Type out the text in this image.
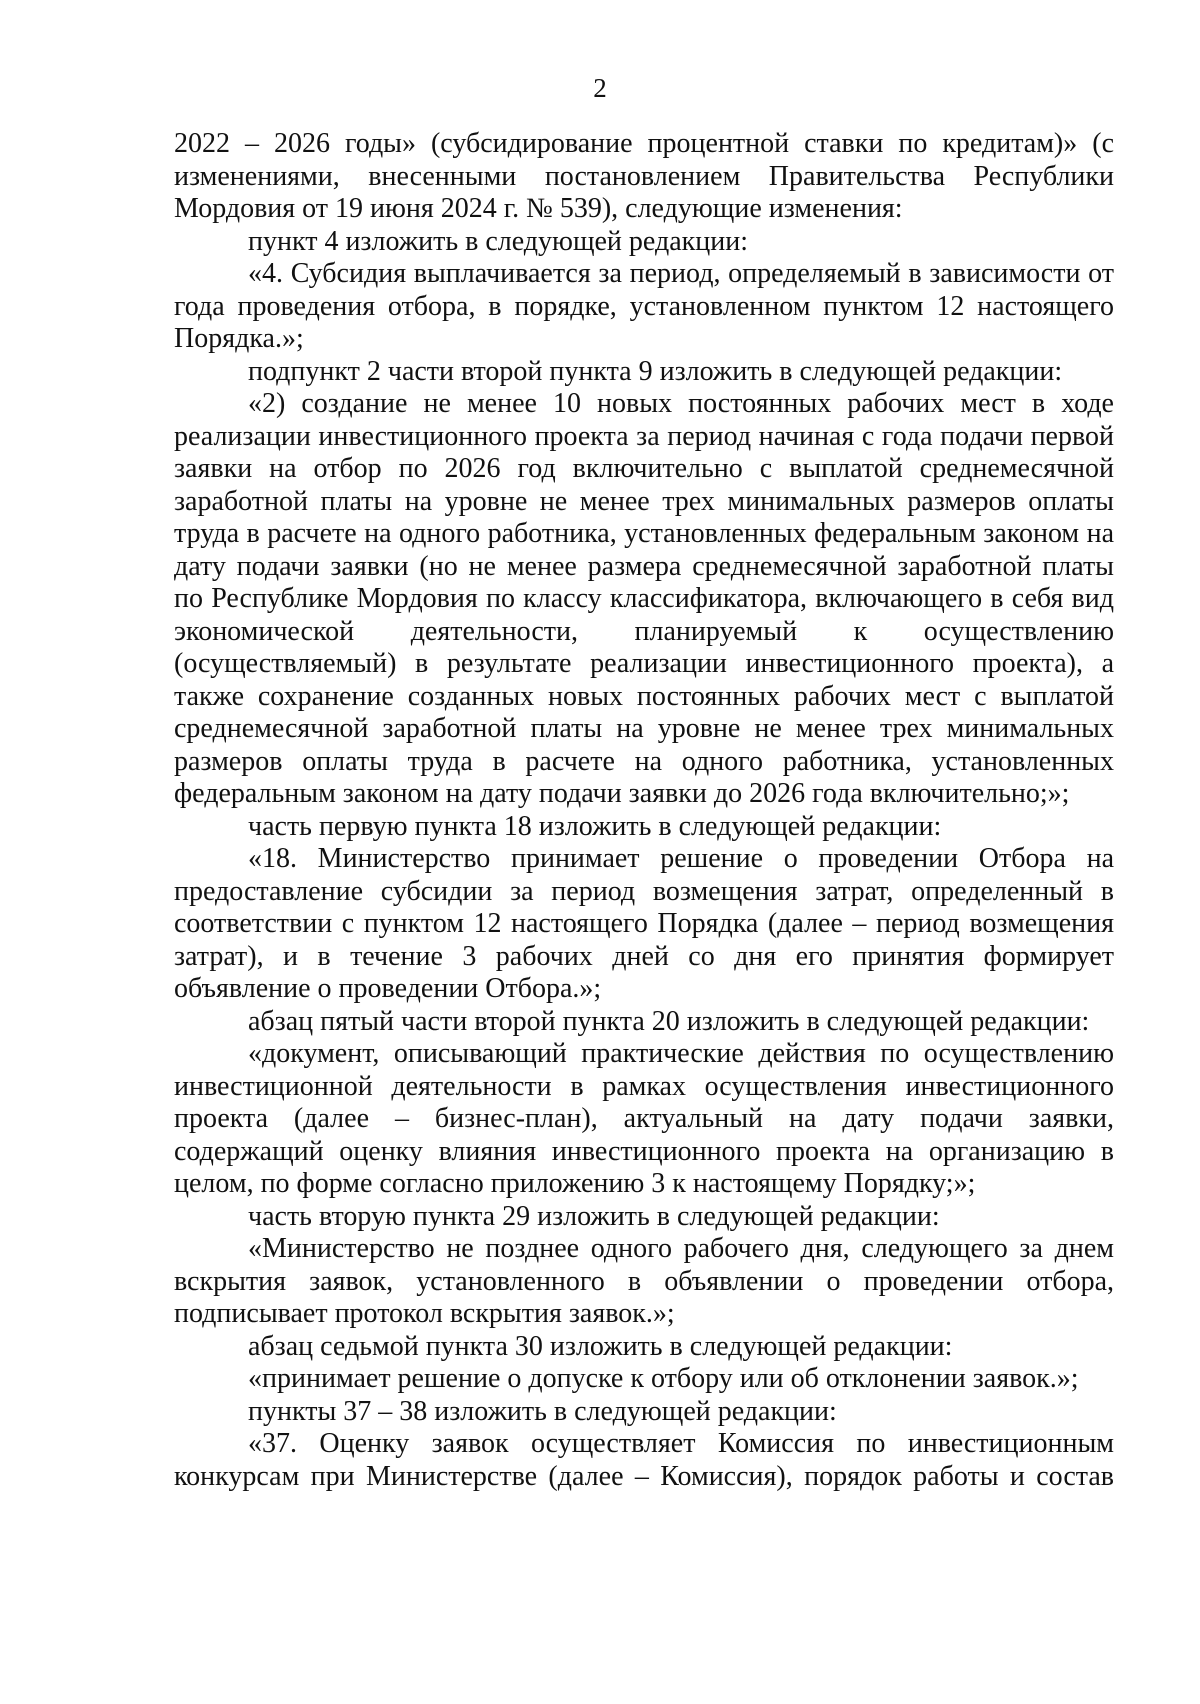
2

2022 – 2026 годы» (субсидирование процентной ставки по кредитам)» (с изменениями, внесенными постановлением Правительства Республики Мордовия от 19 июня 2024 г. № 539), следующие изменения:

пункт 4 изложить в следующей редакции:

«4. Субсидия выплачивается за период, определяемый в зависимости от года проведения отбора, в порядке, установленном пунктом 12 настоящего Порядка.»;

подпункт 2 части второй пункта 9 изложить в следующей редакции:

«2) создание не менее 10 новых постоянных рабочих мест в ходе реализации инвестиционного проекта за период начиная с года подачи первой заявки на отбор по 2026 год включительно с выплатой среднемесячной заработной платы на уровне не менее трех минимальных размеров оплаты труда в расчете на одного работника, установленных федеральным законом на дату подачи заявки (но не менее размера среднемесячной заработной платы по Республике Мордовия по классу классификатора, включающего в себя вид экономической деятельности, планируемый к осуществлению (осуществляемый) в результате реализации инвестиционного проекта), а также сохранение созданных новых постоянных рабочих мест с выплатой среднемесячной заработной платы на уровне не менее трех минимальных размеров оплаты труда в расчете на одного работника, установленных федеральным законом на дату подачи заявки до 2026 года включительно;»;

часть первую пункта 18 изложить в следующей редакции:

«18. Министерство принимает решение о проведении Отбора на предоставление субсидии за период возмещения затрат, определенный в соответствии с пунктом 12 настоящего Порядка (далее – период возмещения затрат), и в течение 3 рабочих дней со дня его принятия формирует объявление о проведении Отбора.»;

абзац пятый части второй пункта 20 изложить в следующей редакции:

«документ, описывающий практические действия по осуществлению инвестиционной деятельности в рамках осуществления инвестиционного проекта (далее – бизнес-план), актуальный на дату подачи заявки, содержащий оценку влияния инвестиционного проекта на организацию в целом, по форме согласно приложению 3 к настоящему Порядку;»;

часть вторую пункта 29 изложить в следующей редакции:

«Министерство не позднее одного рабочего дня, следующего за днем вскрытия заявок, установленного в объявлении о проведении отбора, подписывает протокол вскрытия заявок.»;

абзац седьмой пункта 30 изложить в следующей редакции:

«принимает решение о допуске к отбору или об отклонении заявок.»;

пункты 37 – 38 изложить в следующей редакции:

«37. Оценку заявок осуществляет Комиссия по инвестиционным конкурсам при Министерстве (далее – Комиссия), порядок работы и состав
